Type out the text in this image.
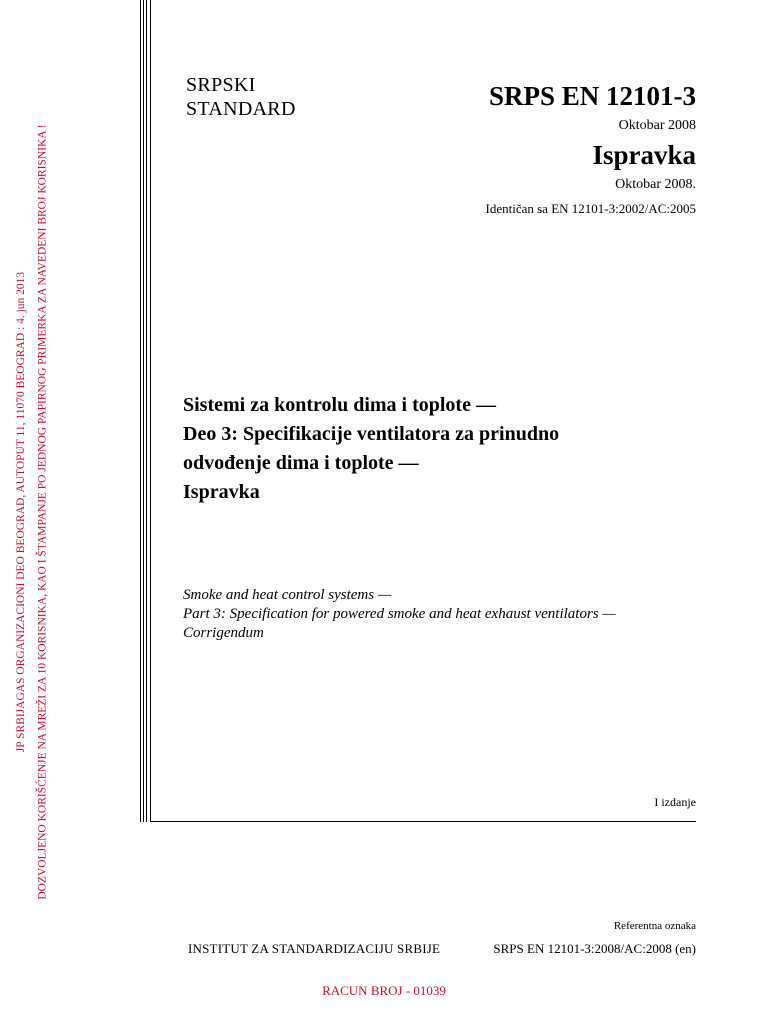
JP SRBIJAGAS ORGANIZACIONI DEO BEOGRAD, AUTOPUT 11, 11070 BEOGRAD : 4. jun 2013 DOZVOLJENO KORIŠĆENJE NA MREŽI ZA 10 KORISNIKA, KAO I ŠTAMPANJE PO JEDNOG PAPIRNOG PRIMERKA ZA NAVEDENI BROJ KORISNIKA !
SRPSKI
STANDARD	SRPS EN 12101-3
Oktobar 2008
Ispravka
Oktobar 2008.
Identičan sa EN 12101-3:2002/AC:2005
Sistemi za kontrolu dima i toplote —
Deo 3: Specifikacije ventilatora za prinudno
odvođenje dima i toplote —
Ispravka
Smoke and heat control systems —
Part 3: Specification for powered smoke and heat exhaust ventilators —
Corrigendum
I izdanje
Referentna oznaka
INSTITUT ZA STANDARDIZACIJU SRBIJE	SRPS EN 12101-3:2008/AC:2008 (en)
RACUN BROJ - 01039
